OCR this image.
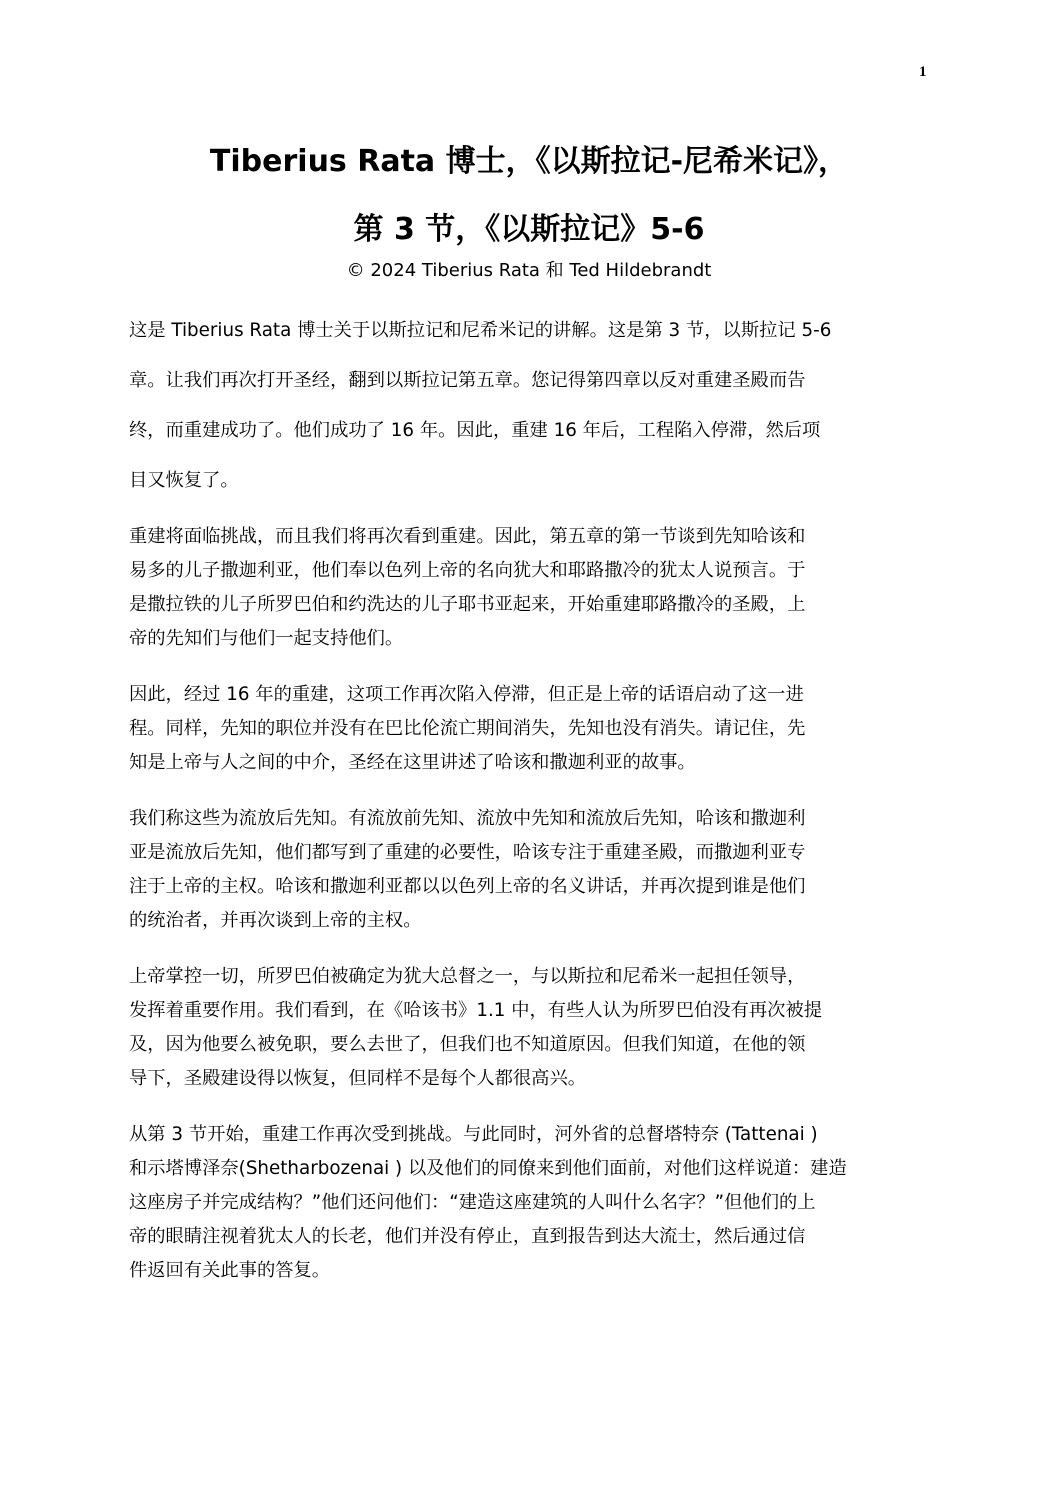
1
Tiberius Rata 博士，《以斯拉记-尼希米记》，
第 3 节，《以斯拉记》5-6
© 2024 Tiberius Rata 和 Ted Hildebrandt

这是 Tiberius Rata 博士关于以斯拉记和尼希米记的讲解。这是第 3 节，以斯拉记 5-6
章。让我们再次打开圣经，翻到以斯拉记第五章。您记得第四章以反对重建圣殿而告
终，而重建成功了。他们成功了 16 年。因此，重建 16 年后，工程陷入停滞，然后项
目又恢复了。

重建将面临挑战，而且我们将再次看到重建。因此，第五章的第一节谈到先知哈该和
易多的儿子撒迦利亚，他们奉以色列上帝的名向犹大和耶路撒冷的犹太人说预言。于
是撒拉铁的儿子所罗巴伯和约洗达的儿子耶书亚起来，开始重建耶路撒冷的圣殿，上
帝的先知们与他们一起支持他们。

因此，经过 16 年的重建，这项工作再次陷入停滞，但正是上帝的话语启动了这一进
程。同样，先知的职位并没有在巴比伦流亡期间消失，先知也没有消失。请记住，先
知是上帝与人之间的中介，圣经在这里讲述了哈该和撒迦利亚的故事。

我们称这些为流放后先知。有流放前先知、流放中先知和流放后先知，哈该和撒迦利
亚是流放后先知，他们都写到了重建的必要性，哈该专注于重建圣殿，而撒迦利亚专
注于上帝的主权。哈该和撒迦利亚都以以色列上帝的名义讲话，并再次提到谁是他们
的统治者，并再次谈到上帝的主权。

上帝掌控一切，所罗巴伯被确定为犹大总督之一，与以斯拉和尼希米一起担任领导，
发挥着重要作用。我们看到，在《哈该书》1.1 中，有些人认为所罗巴伯没有再次被提
及，因为他要么被免职，要么去世了，但我们也不知道原因。但我们知道，在他的领
导下，圣殿建设得以恢复，但同样不是每个人都很高兴。

从第 3 节开始，重建工作再次受到挑战。与此同时，河外省的总督塔特奈 (Tattenai )
和示塔博泽奈(Shetharbozenai ) 以及他们的同僚来到他们面前，对他们这样说道：建造
这座房子并完成结构？”他们还问他们：“建造这座建筑的人叫什么名字？”但他们的上
帝的眼睛注视着犹太人的长老，他们并没有停止，直到报告到达大流士，然后通过信
件返回有关此事的答复。
